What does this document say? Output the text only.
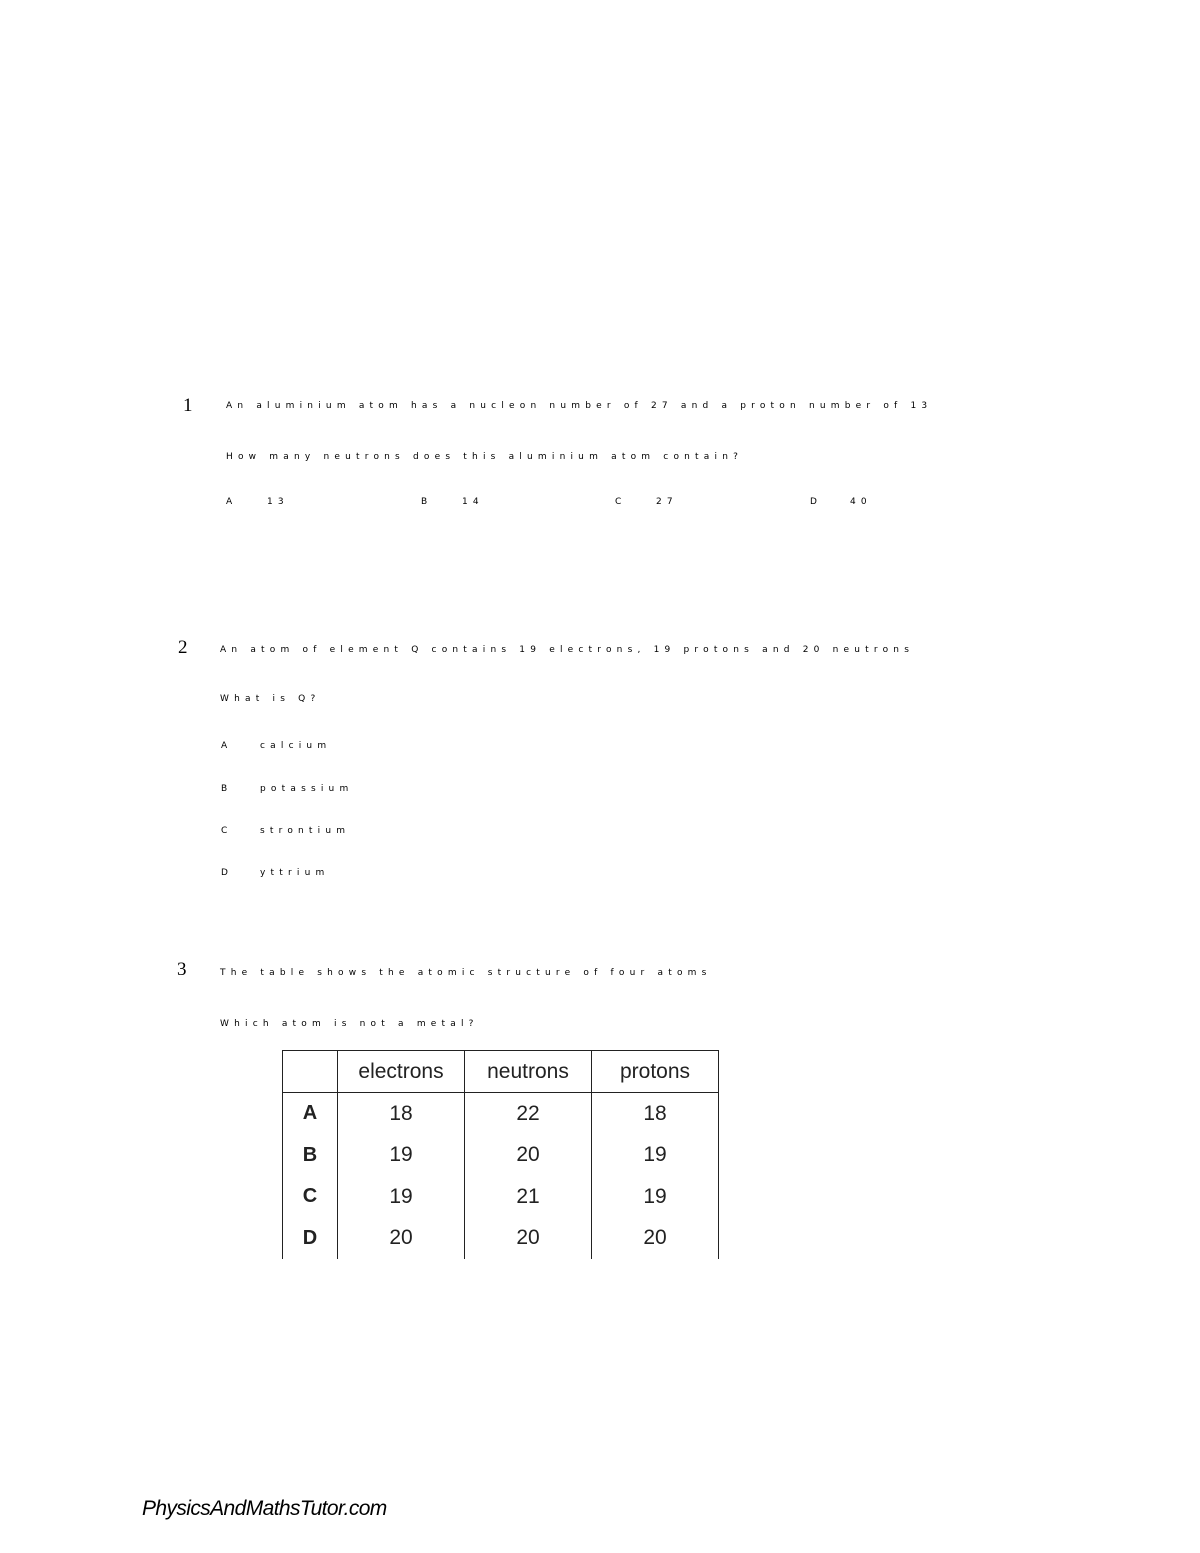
1	An aluminium atom has a nucleon number of 27 and a proton number of 13
How many neutrons does this aluminium atom contain?
A	13	B	14	C	27	D	40
2	An atom of element Q contains 19 electrons, 19 protons and 20 neutrons
What is Q?
A	calcium
B	potassium
C	strontium
D	yttrium
3	The table shows the atomic structure of four atoms
Which atom is not a metal?
	electrons	neutrons	protons
A	18	22	18
B	19	20	19
C	19	21	19
D	20	20	20
PhysicsAndMathsTutor.com
